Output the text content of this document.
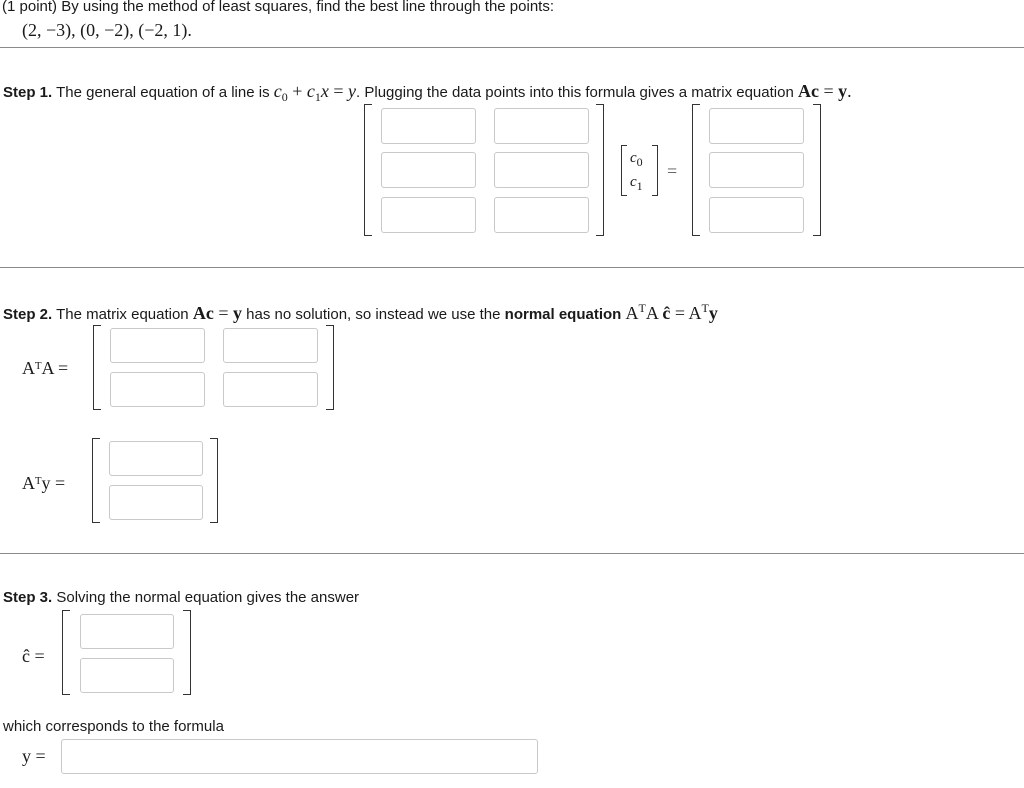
(1 point) By using the method of least squares, find the best line through the points:
(2, −3), (0, −2), (−2, 1).
Step 1. The general equation of a line is $c_0 + c_1x = y$. Plugging the data points into this formula gives a matrix equation Ac = y.
$c_0$
$c_1$
=
Step 2. The matrix equation Ac = y has no solution, so instead we use the normal equation $A^TA$ ĉ = $A^Ty$
AᵀA =
Aᵀy =
Step 3. Solving the normal equation gives the answer
ĉ =
which corresponds to the formula
y =
